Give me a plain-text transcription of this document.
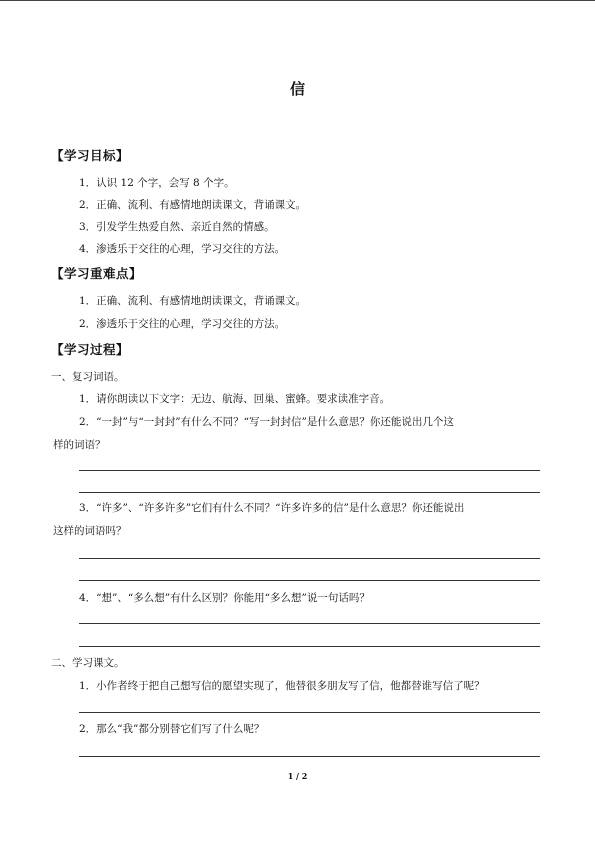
信
【学习目标】
1．认识 12 个字，会写 8 个字。
2．正确、流利、有感情地朗读课文，背诵课文。
3．引发学生热爱自然、亲近自然的情感。
4．渗透乐于交往的心理，学习交往的方法。
【学习重难点】
1．正确、流利、有感情地朗读课文，背诵课文。
2．渗透乐于交往的心理，学习交往的方法。
【学习过程】
一、复习词语。
1．请你朗读以下文字：无边、航海、回巢、蜜蜂。要求读准字音。
2．“一封”与“一封封”有什么不同？“写一封封信”是什么意思？你还能说出几个这
样的词语？
3．“许多”、“许多许多”它们有什么不同？“许多许多的信”是什么意思？你还能说出
这样的词语吗？
4．“想”、“多么想”有什么区别？你能用“多么想”说一句话吗？
二、学习课文。
1．小作者终于把自己想写信的愿望实现了，他替很多朋友写了信，他都替谁写信了呢？
2．那么“我”都分别替它们写了什么呢？
1 / 2
